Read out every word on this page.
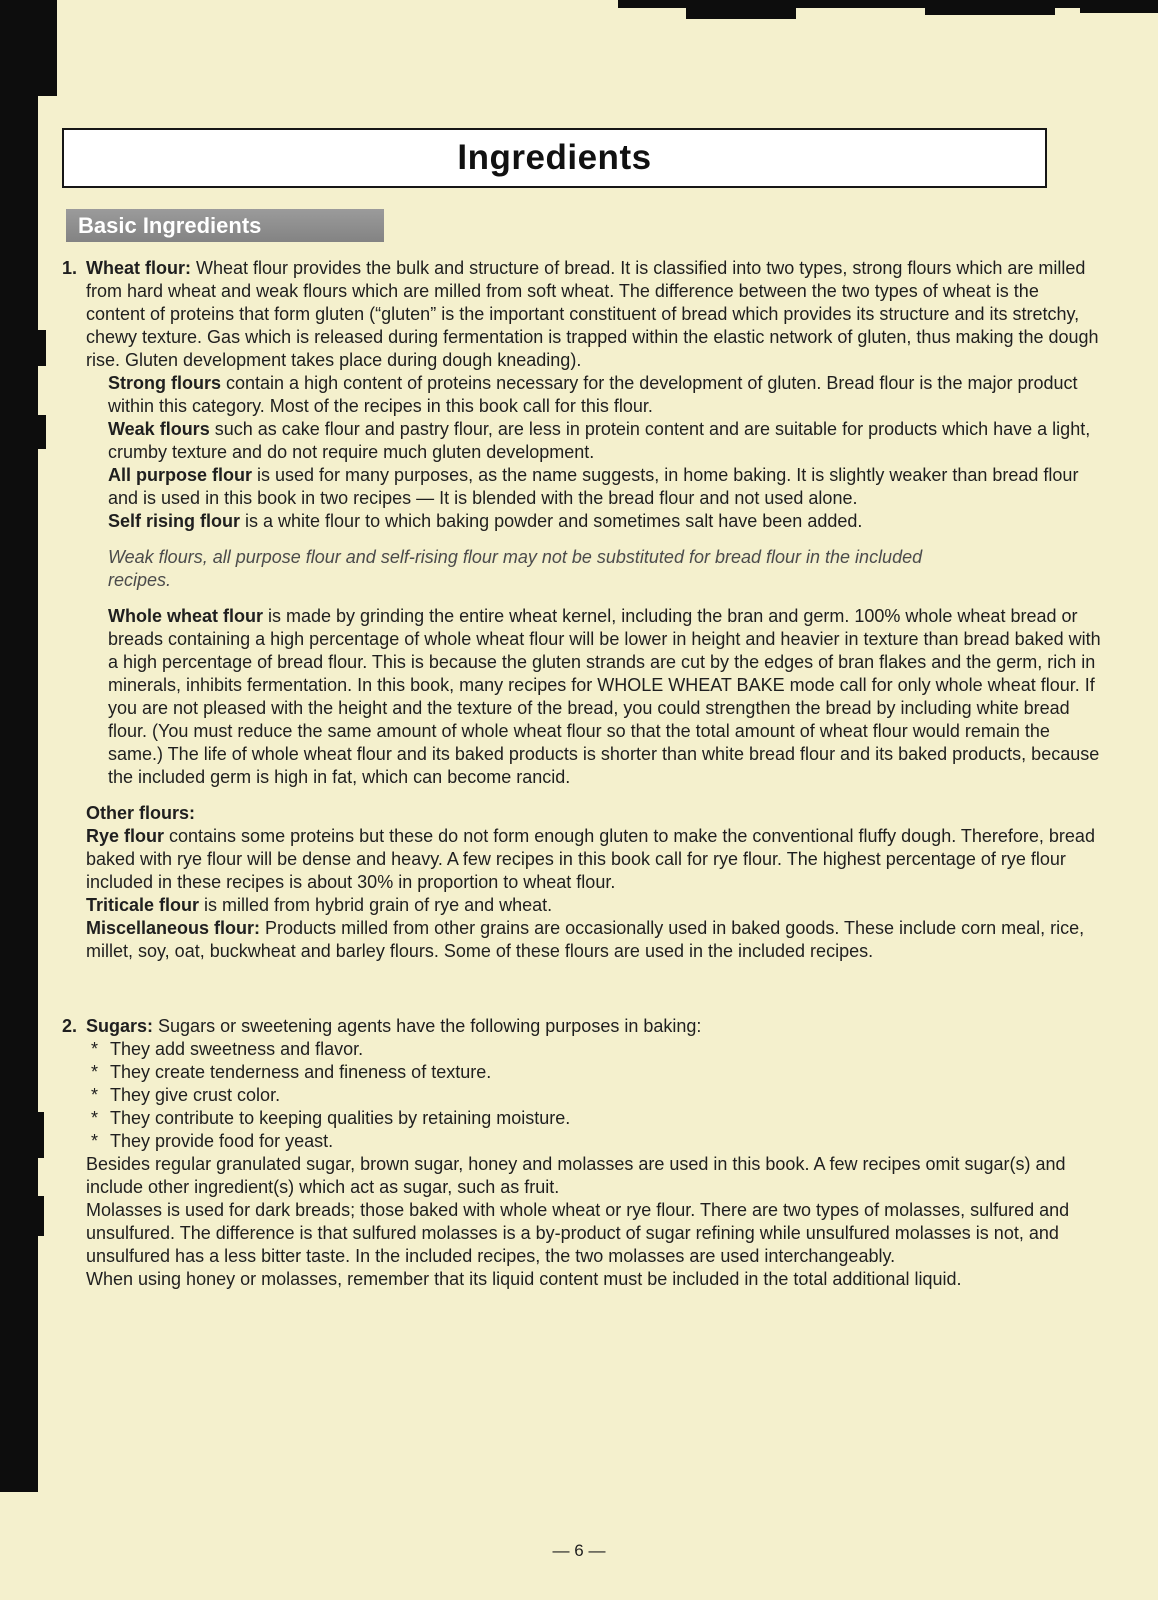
Ingredients
Basic Ingredients
1. Wheat flour: Wheat flour provides the bulk and structure of bread. It is classified into two types, strong flours which are milled from hard wheat and weak flours which are milled from soft wheat. The difference between the two types of wheat is the content of proteins that form gluten (“gluten” is the important constituent of bread which provides its structure and its stretchy, chewy texture. Gas which is released during fermentation is trapped within the elastic network of gluten, thus making the dough rise. Gluten development takes place during dough kneading).

Strong flours contain a high content of proteins necessary for the development of gluten. Bread flour is the major product within this category. Most of the recipes in this book call for this flour.

Weak flours such as cake flour and pastry flour, are less in protein content and are suitable for products which have a light, crumby texture and do not require much gluten development.

All purpose flour is used for many purposes, as the name suggests, in home baking. It is slightly weaker than bread flour and is used in this book in two recipes — It is blended with the bread flour and not used alone.

Self rising flour is a white flour to which baking powder and sometimes salt have been added.

Weak flours, all purpose flour and self-rising flour may not be substituted for bread flour in the included recipes.

Whole wheat flour is made by grinding the entire wheat kernel, including the bran and germ. 100% whole wheat bread or breads containing a high percentage of whole wheat flour will be lower in height and heavier in texture than bread baked with a high percentage of bread flour. This is because the gluten strands are cut by the edges of bran flakes and the germ, rich in minerals, inhibits fermentation. In this book, many recipes for WHOLE WHEAT BAKE mode call for only whole wheat flour. If you are not pleased with the height and the texture of the bread, you could strengthen the bread by including white bread flour. (You must reduce the same amount of whole wheat flour so that the total amount of wheat flour would remain the same.) The life of whole wheat flour and its baked products is shorter than white bread flour and its baked products, because the included germ is high in fat, which can become rancid.

Other flours:

Rye flour contains some proteins but these do not form enough gluten to make the conventional fluffy dough. Therefore, bread baked with rye flour will be dense and heavy. A few recipes in this book call for rye flour. The highest percentage of rye flour included in these recipes is about 30% in proportion to wheat flour.

Triticale flour is milled from hybrid grain of rye and wheat.

Miscellaneous flour: Products milled from other grains are occasionally used in baked goods. These include corn meal, rice, millet, soy, oat, buckwheat and barley flours. Some of these flours are used in the included recipes.

2. Sugars: Sugars or sweetening agents have the following purposes in baking:

* They add sweetness and flavor.
* They create tenderness and fineness of texture.
* They give crust color.
* They contribute to keeping qualities by retaining moisture.
* They provide food for yeast.

Besides regular granulated sugar, brown sugar, honey and molasses are used in this book. A few recipes omit sugar(s) and include other ingredient(s) which act as sugar, such as fruit.

Molasses is used for dark breads; those baked with whole wheat or rye flour. There are two types of molasses, sulfured and unsulfured. The difference is that sulfured molasses is a by-product of sugar refining while unsulfured molasses is not, and unsulfured has a less bitter taste. In the included recipes, the two molasses are used interchangeably.

When using honey or molasses, remember that its liquid content must be included in the total additional liquid.

— 6 —
